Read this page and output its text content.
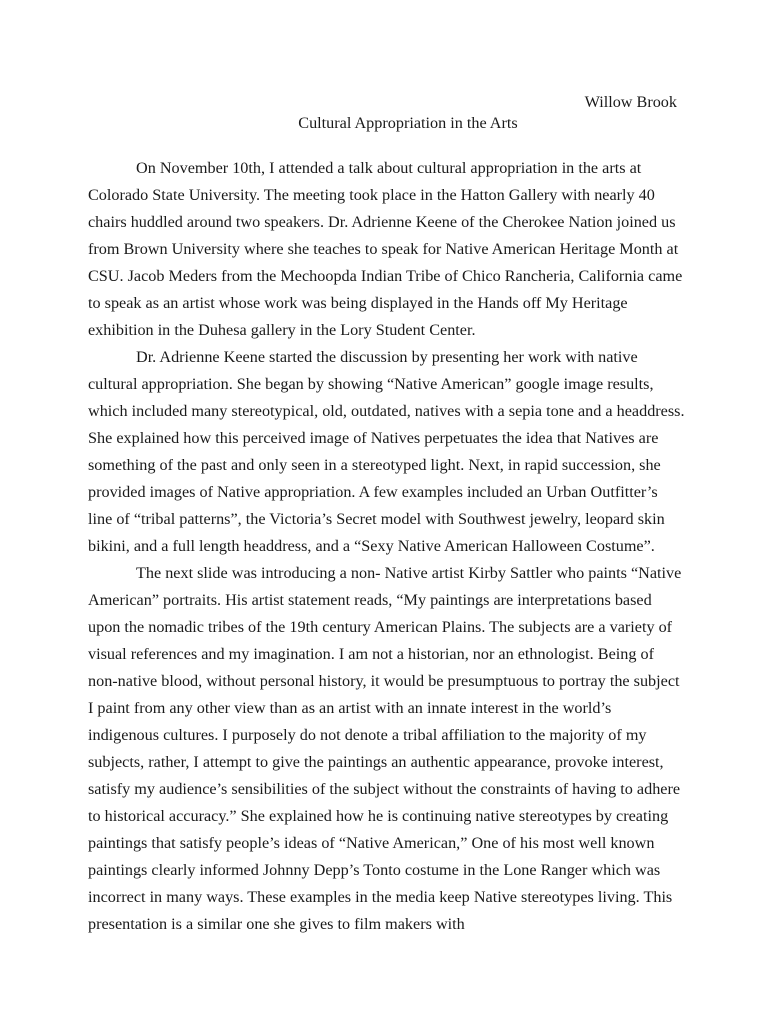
Willow Brook

Cultural Appropriation in the Arts

On November 10th, I attended a talk about cultural appropriation in the arts at Colorado State University. The meeting took place in the Hatton Gallery with nearly 40 chairs huddled around two speakers. Dr. Adrienne Keene of the Cherokee Nation joined us from Brown University where she teaches to speak for Native American Heritage Month at CSU. Jacob Meders from the Mechoopda Indian Tribe of Chico Rancheria, California came to speak as an artist whose work was being displayed in the Hands off My Heritage exhibition in the Duhesa gallery in the Lory Student Center.

Dr. Adrienne Keene started the discussion by presenting her work with native cultural appropriation. She began by showing “Native American” google image results, which included many stereotypical, old, outdated, natives with a sepia tone and a headdress. She explained how this perceived image of Natives perpetuates the idea that Natives are something of the past and only seen in a stereotyped light. Next, in rapid succession, she provided images of Native appropriation. A few examples included an Urban Outfitter’s line of “tribal patterns”, the Victoria’s Secret model with Southwest jewelry, leopard skin bikini, and a full length headdress, and a “Sexy Native American Halloween Costume”.

The next slide was introducing a non- Native artist Kirby Sattler who paints “Native American” portraits. His artist statement reads, “My paintings are interpretations based upon the nomadic tribes of the 19th century American Plains. The subjects are a variety of visual references and my imagination. I am not a historian, nor an ethnologist. Being of non-native blood, without personal history, it would be presumptuous to portray the subject I paint from any other view than as an artist with an innate interest in the world’s indigenous cultures. I purposely do not denote a tribal affiliation to the majority of my subjects, rather, I attempt to give the paintings an authentic appearance, provoke interest, satisfy my audience’s sensibilities of the subject without the constraints of having to adhere to historical accuracy.” She explained how he is continuing native stereotypes by creating paintings that satisfy people’s ideas of “Native American,” One of his most well known paintings clearly informed Johnny Depp’s Tonto costume in the Lone Ranger which was incorrect in many ways. These examples in the media keep Native stereotypes living. This presentation is a similar one she gives to film makers with
